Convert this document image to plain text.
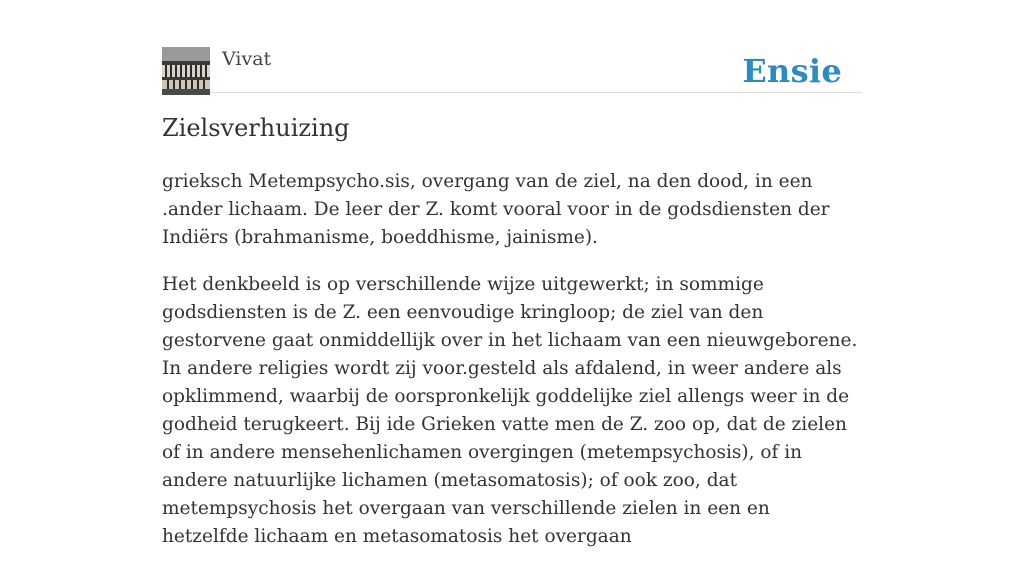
Vivat	Ensie
Zielsverhuizing

grieksch Metempsycho.sis, overgang van de ziel, na den dood, in een .ander lichaam. De leer der Z. komt vooral voor in de godsdiensten der Indiërs (brahmanisme, boeddhisme, jainisme).

Het denkbeeld is op verschillende wijze uitgewerkt; in sommige godsdiensten is de Z. een eenvoudige kringloop; de ziel van den gestorvene gaat onmiddellijk over in het lichaam van een nieuwgeborene. In andere religies wordt zij voor.gesteld als afdalend, in weer andere als opklimmend, waarbij de oorspronkelijk goddelijke ziel allengs weer in de godheid terugkeert. Bij ide Grieken vatte men de Z. zoo op, dat de zielen of in andere mensehenlichamen overgingen (metempsychosis), of in andere natuurlijke lichamen (metasomatosis); of ook zoo, dat metempsychosis het overgaan van verschillende zielen in een en hetzelfde lichaam en metasomatosis het overgaan
